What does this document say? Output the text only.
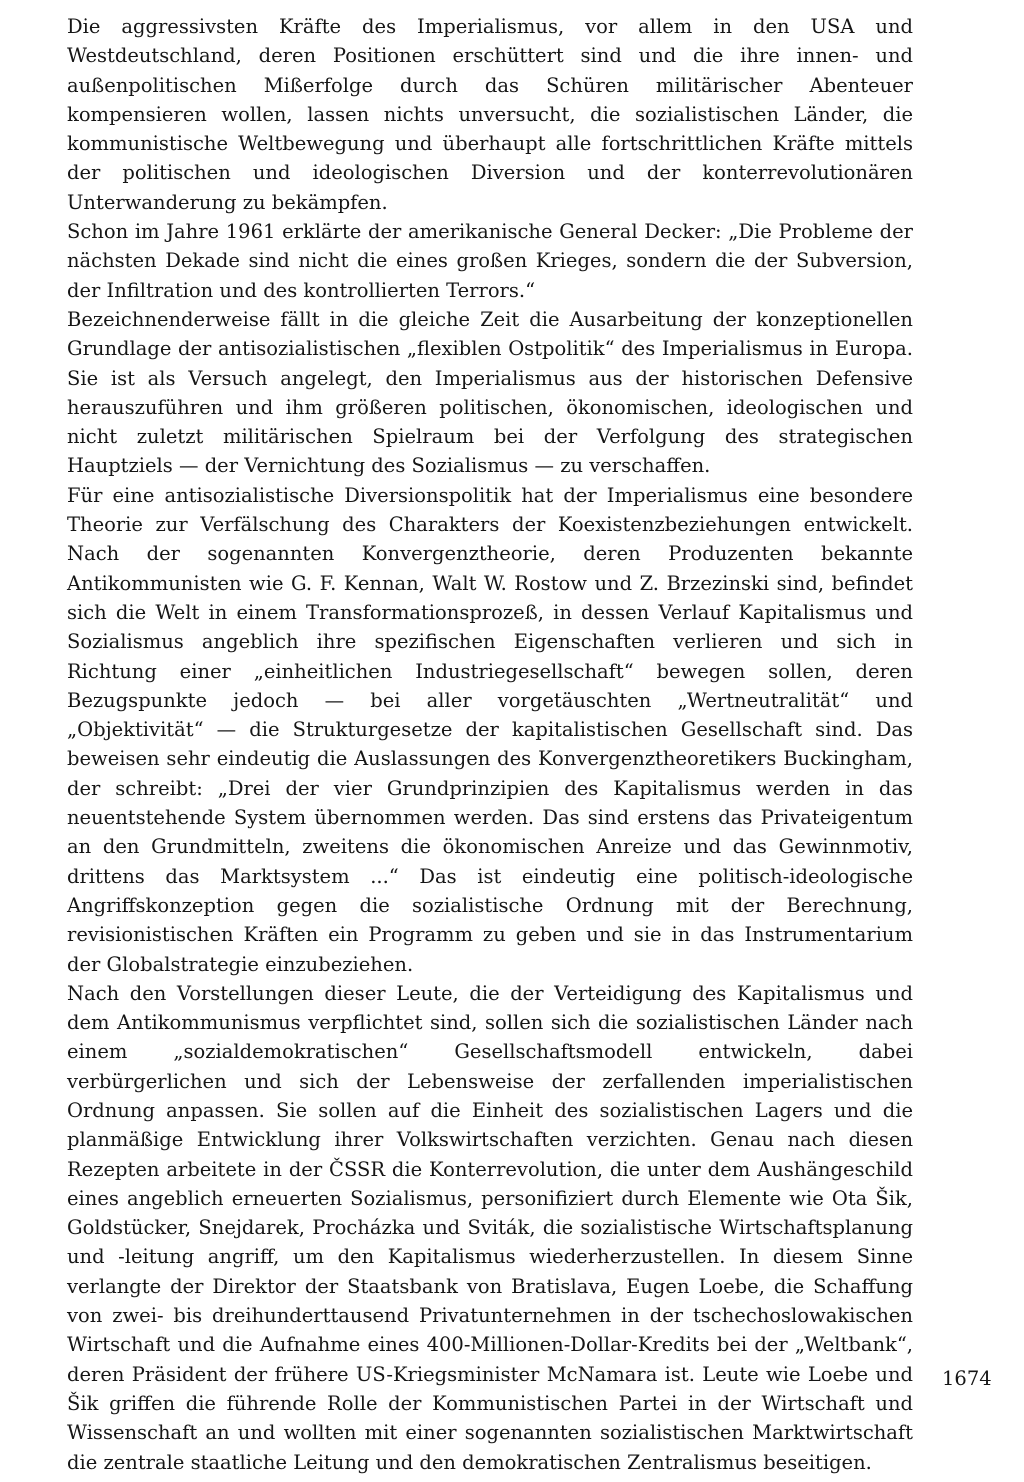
Die aggressivsten Kräfte des Imperialismus, vor allem in den USA und Westdeutschland, deren Positionen erschüttert sind und die ihre innen- und außenpolitischen Mißerfolge durch das Schüren militärischer Abenteuer kompensieren wollen, lassen nichts unversucht, die sozialistischen Länder, die kommunistische Weltbewegung und überhaupt alle fortschrittlichen Kräfte mittels der politischen und ideologischen Diversion und der konterrevolutionären Unterwanderung zu bekämpfen.

Schon im Jahre 1961 erklärte der amerikanische General Decker: „Die Probleme der nächsten Dekade sind nicht die eines großen Krieges, sondern die der Subversion, der Infiltration und des kontrollierten Terrors.“

Bezeichnenderweise fällt in die gleiche Zeit die Ausarbeitung der konzeptionellen Grundlage der antisozialistischen „flexiblen Ostpolitik“ des Imperialismus in Europa. Sie ist als Versuch angelegt, den Imperialismus aus der historischen Defensive herauszuführen und ihm größeren politischen, ökonomischen, ideologischen und nicht zuletzt militärischen Spielraum bei der Verfolgung des strategischen Hauptziels — der Vernichtung des Sozialismus — zu verschaffen.

Für eine antisozialistische Diversionspolitik hat der Imperialismus eine besondere Theorie zur Verfälschung des Charakters der Koexistenzbeziehungen entwickelt. Nach der sogenannten Konvergenztheorie, deren Produzenten bekannte Antikommunisten wie G. F. Kennan, Walt W. Rostow und Z. Brzezinski sind, befindet sich die Welt in einem Transformationsprozeß, in dessen Verlauf Kapitalismus und Sozialismus angeblich ihre spezifischen Eigenschaften verlieren und sich in Richtung einer „einheitlichen Industriegesellschaft“ bewegen sollen, deren Bezugspunkte jedoch — bei aller vorgetäuschten „Wertneutralität“ und „Objektivität“ — die Strukturgesetze der kapitalistischen Gesellschaft sind. Das beweisen sehr eindeutig die Auslassungen des Konvergenztheoretikers Buckingham, der schreibt: „Drei der vier Grundprinzipien des Kapitalismus werden in das neuentstehende System übernommen werden. Das sind erstens das Privateigentum an den Grundmitteln, zweitens die ökonomischen Anreize und das Gewinnmotiv, drittens das Marktsystem ...“ Das ist eindeutig eine politisch-ideologische Angriffskonzeption gegen die sozialistische Ordnung mit der Berechnung, revisionistischen Kräften ein Programm zu geben und sie in das Instrumentarium der Globalstrategie einzubeziehen.

Nach den Vorstellungen dieser Leute, die der Verteidigung des Kapitalismus und dem Antikommunismus verpflichtet sind, sollen sich die sozialistischen Länder nach einem „sozialdemokratischen“ Gesellschaftsmodell entwickeln, dabei verbürgerlichen und sich der Lebensweise der zerfallenden imperialistischen Ordnung anpassen. Sie sollen auf die Einheit des sozialistischen Lagers und die planmäßige Entwicklung ihrer Volkswirtschaften verzichten. Genau nach diesen Rezepten arbeitete in der ČSSR die Konterrevolution, die unter dem Aushängeschild eines angeblich erneuerten Sozialismus, personifiziert durch Elemente wie Ota Šik, Goldstücker, Snejdarek, Procházka und Sviták, die sozialistische Wirtschaftsplanung und -leitung angriff, um den Kapitalismus wiederherzustellen. In diesem Sinne verlangte der Direktor der Staatsbank von Bratislava, Eugen Loebe, die Schaffung von zwei- bis dreihunderttausend Privatunternehmen in der tschechoslowakischen Wirtschaft und die Aufnahme eines 400-Millionen-Dollar-Kredits bei der „Weltbank“, deren Präsident der frühere US-Kriegsminister McNamara ist. Leute wie Loebe und Šik griffen die führende Rolle der Kommunistischen Partei in der Wirtschaft und Wissenschaft an und wollten mit einer sogenannten sozialistischen Marktwirtschaft die zentrale staatliche Leitung und den demokratischen Zentralismus beseitigen.

1674
